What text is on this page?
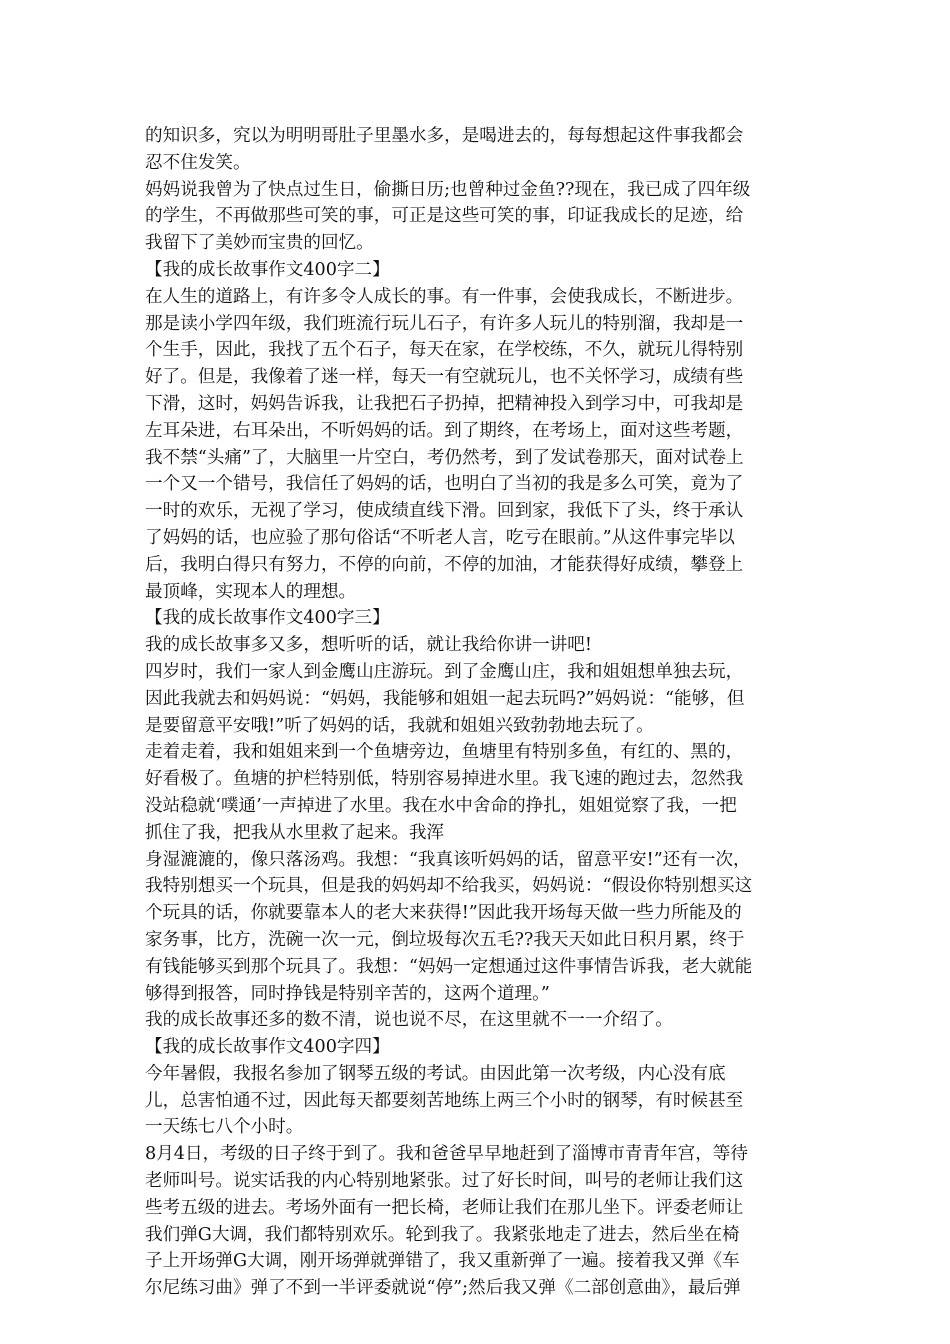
的知识多，究以为明明哥肚子里墨水多，是喝进去的，每每想起这件事我都会
忍不住发笑。
妈妈说我曾为了快点过生日，偷撕日历;也曾种过金鱼??现在，我已成了四年级
的学生，不再做那些可笑的事，可正是这些可笑的事，印证我成长的足迹，给
我留下了美妙而宝贵的回忆。
【我的成长故事作文400字二】
在人生的道路上，有许多令人成长的事。有一件事，会使我成长，不断进步。
那是读小学四年级，我们班流行玩儿石子，有许多人玩儿的特别溜，我却是一
个生手，因此，我找了五个石子，每天在家，在学校练，不久，就玩儿得特别
好了。但是，我像着了迷一样，每天一有空就玩儿，也不关怀学习，成绩有些
下滑，这时，妈妈告诉我，让我把石子扔掉，把精神投入到学习中，可我却是
左耳朵进，右耳朵出，不听妈妈的话。到了期终，在考场上，面对这些考题，
我不禁“头痛”了，大脑里一片空白，考仍然考，到了发试卷那天，面对试卷上
一个又一个错号，我信任了妈妈的话，也明白了当初的我是多么可笑，竟为了
一时的欢乐，无视了学习，使成绩直线下滑。回到家，我低下了头，终于承认
了妈妈的话，也应验了那句俗话“不听老人言，吃亏在眼前。”从这件事完毕以
后，我明白得只有努力，不停的向前，不停的加油，才能获得好成绩，攀登上
最顶峰，实现本人的理想。
【我的成长故事作文400字三】
我的成长故事多又多，想听听的话，就让我给你讲一讲吧!
四岁时，我们一家人到金鹰山庄游玩。到了金鹰山庄，我和姐姐想单独去玩，
因此我就去和妈妈说：“妈妈，我能够和姐姐一起去玩吗?”妈妈说：“能够，但
是要留意平安哦!”听了妈妈的话，我就和姐姐兴致勃勃地去玩了。
走着走着，我和姐姐来到一个鱼塘旁边，鱼塘里有特别多鱼，有红的、黑的，
好看极了。鱼塘的护栏特别低，特别容易掉进水里。我飞速的跑过去，忽然我
没站稳就‘噗通’一声掉进了水里。我在水中舍命的挣扎，姐姐觉察了我，一把
抓住了我，把我从水里救了起来。我浑
身湿漉漉的，像只落汤鸡。我想：“我真该听妈妈的话，留意平安!”还有一次，
我特别想买一个玩具，但是我的妈妈却不给我买，妈妈说：“假设你特别想买这
个玩具的话，你就要靠本人的老大来获得!”因此我开场每天做一些力所能及的
家务事，比方，洗碗一次一元，倒垃圾每次五毛??我天天如此日积月累，终于
有钱能够买到那个玩具了。我想：“妈妈一定想通过这件事情告诉我，老大就能
够得到报答，同时挣钱是特别辛苦的，这两个道理。”
我的成长故事还多的数不清，说也说不尽，在这里就不一一介绍了。
【我的成长故事作文400字四】
今年暑假，我报名参加了钢琴五级的考试。由因此第一次考级，内心没有底
儿，总害怕通不过，因此每天都要刻苦地练上两三个小时的钢琴，有时候甚至
一天练七八个小时。
8月4日，考级的日子终于到了。我和爸爸早早地赶到了淄博市青青年宫，等待
老师叫号。说实话我的内心特别地紧张。过了好长时间，叫号的老师让我们这
些考五级的进去。考场外面有一把长椅，老师让我们在那儿坐下。评委老师让
我们弹G大调，我们都特别欢乐。轮到我了。我紧张地走了进去，然后坐在椅
子上开场弹G大调，刚开场弹就弹错了，我又重新弹了一遍。接着我又弹《车
尔尼练习曲》弹了不到一半评委就说“停”;然后我又弹《二部创意曲》，最后弹
